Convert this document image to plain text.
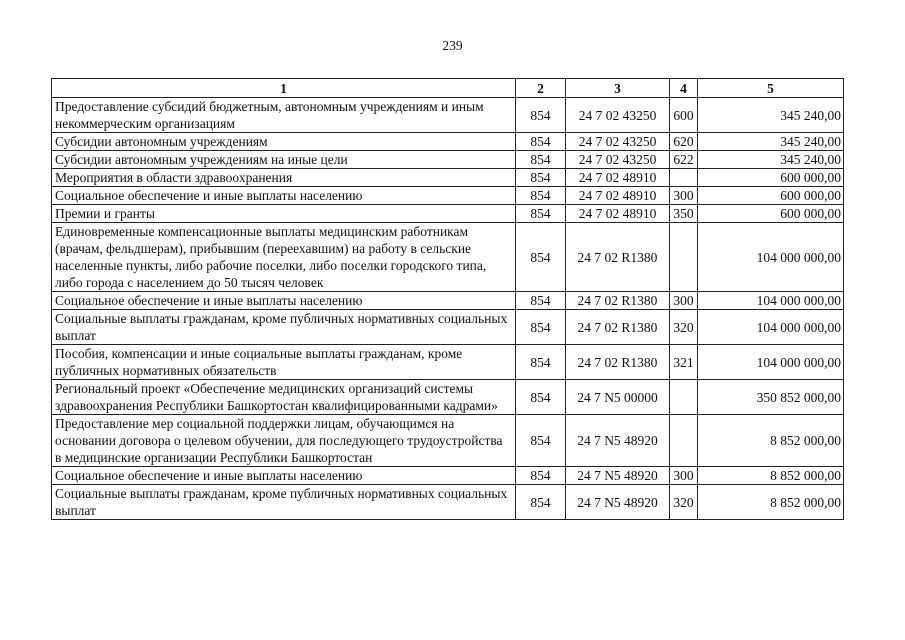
239
1	2	3	4	5
Предоставление субсидий бюджетным, автономным учреждениям и иным некоммерческим организациям	854	24 7 02 43250	600	345 240,00
Субсидии автономным учреждениям	854	24 7 02 43250	620	345 240,00
Субсидии автономным учреждениям на иные цели	854	24 7 02 43250	622	345 240,00
Мероприятия в области здравоохранения	854	24 7 02 48910		600 000,00
Социальное обеспечение и иные выплаты населению	854	24 7 02 48910	300	600 000,00
Премии и гранты	854	24 7 02 48910	350	600 000,00
Единовременные компенсационные выплаты медицинским работникам (врачам, фельдшерам), прибывшим (переехавшим) на работу в сельские населенные пункты, либо рабочие поселки, либо поселки городского типа, либо города с населением до 50 тысяч человек	854	24 7 02 R1380		104 000 000,00
Социальное обеспечение и иные выплаты населению	854	24 7 02 R1380	300	104 000 000,00
Социальные выплаты гражданам, кроме публичных нормативных социальных выплат	854	24 7 02 R1380	320	104 000 000,00
Пособия, компенсации и иные социальные выплаты гражданам, кроме публичных нормативных обязательств	854	24 7 02 R1380	321	104 000 000,00
Региональный проект «Обеспечение медицинских организаций системы здравоохранения Республики Башкортостан квалифицированными кадрами»	854	24 7 N5 00000		350 852 000,00
Предоставление мер социальной поддержки лицам, обучающимся на основании договора о целевом обучении, для последующего трудоустройства в медицинские организации Республики Башкортостан	854	24 7 N5 48920		8 852 000,00
Социальное обеспечение и иные выплаты населению	854	24 7 N5 48920	300	8 852 000,00
Социальные выплаты гражданам, кроме публичных нормативных социальных выплат	854	24 7 N5 48920	320	8 852 000,00
